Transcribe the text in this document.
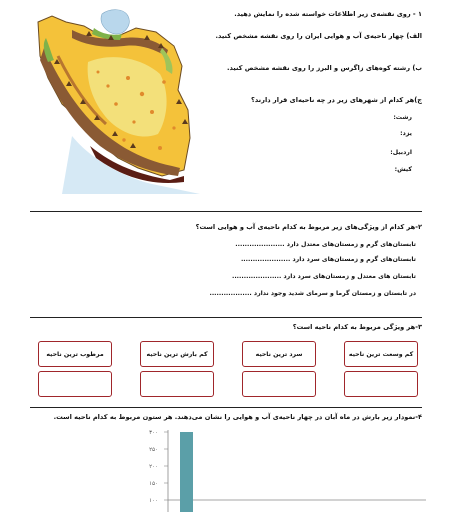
۱ - روی نقشه‌ی زیر اطلاعات خواسته شده را نمایش دهید.
الف) چهار ناحیه‌ی آب و هوایی ایران را روی نقشه مشخص کنید.
ب) رشته کوه‌های زاگرس و البرز را روی نقشه مشخص کنید.
ج)هر کدام از شهرهای زیر در چه ناحیه‌ای قرار دارند؟
رشت:
یزد:
اردبیل:
کیش:
۲-هر کدام از ویژگی‌های زیر مربوط به کدام ناحیه‌ی آب و هوایی است؟
تابستان‌های گرم و زمستان‌های معتدل دارد .....................
تابستان‌های گرم و زمستان‌های سرد دارد .....................
تابستان های معتدل و زمستان‌های سرد دارد .....................
در تابستان و زمستان گرما و سرمای شدید وجود ندارد ..................
۳-هر ویژگی مربوط به کدام ناحیه است؟
کم وسعت ترین ناحیه
سرد ترین ناحیه
کم بارش ترین ناحیه
مرطوب ترین ناحیه
۴-نمودار زیر بارش در ماه آبان در چهار ناحیه‌ی آب و هوایی را نشان می‌دهند. هر ستون مربوط به کدام ناحیه است.
۳۰۰
۲۵۰
۲۰۰
۱۵۰
۱۰۰
